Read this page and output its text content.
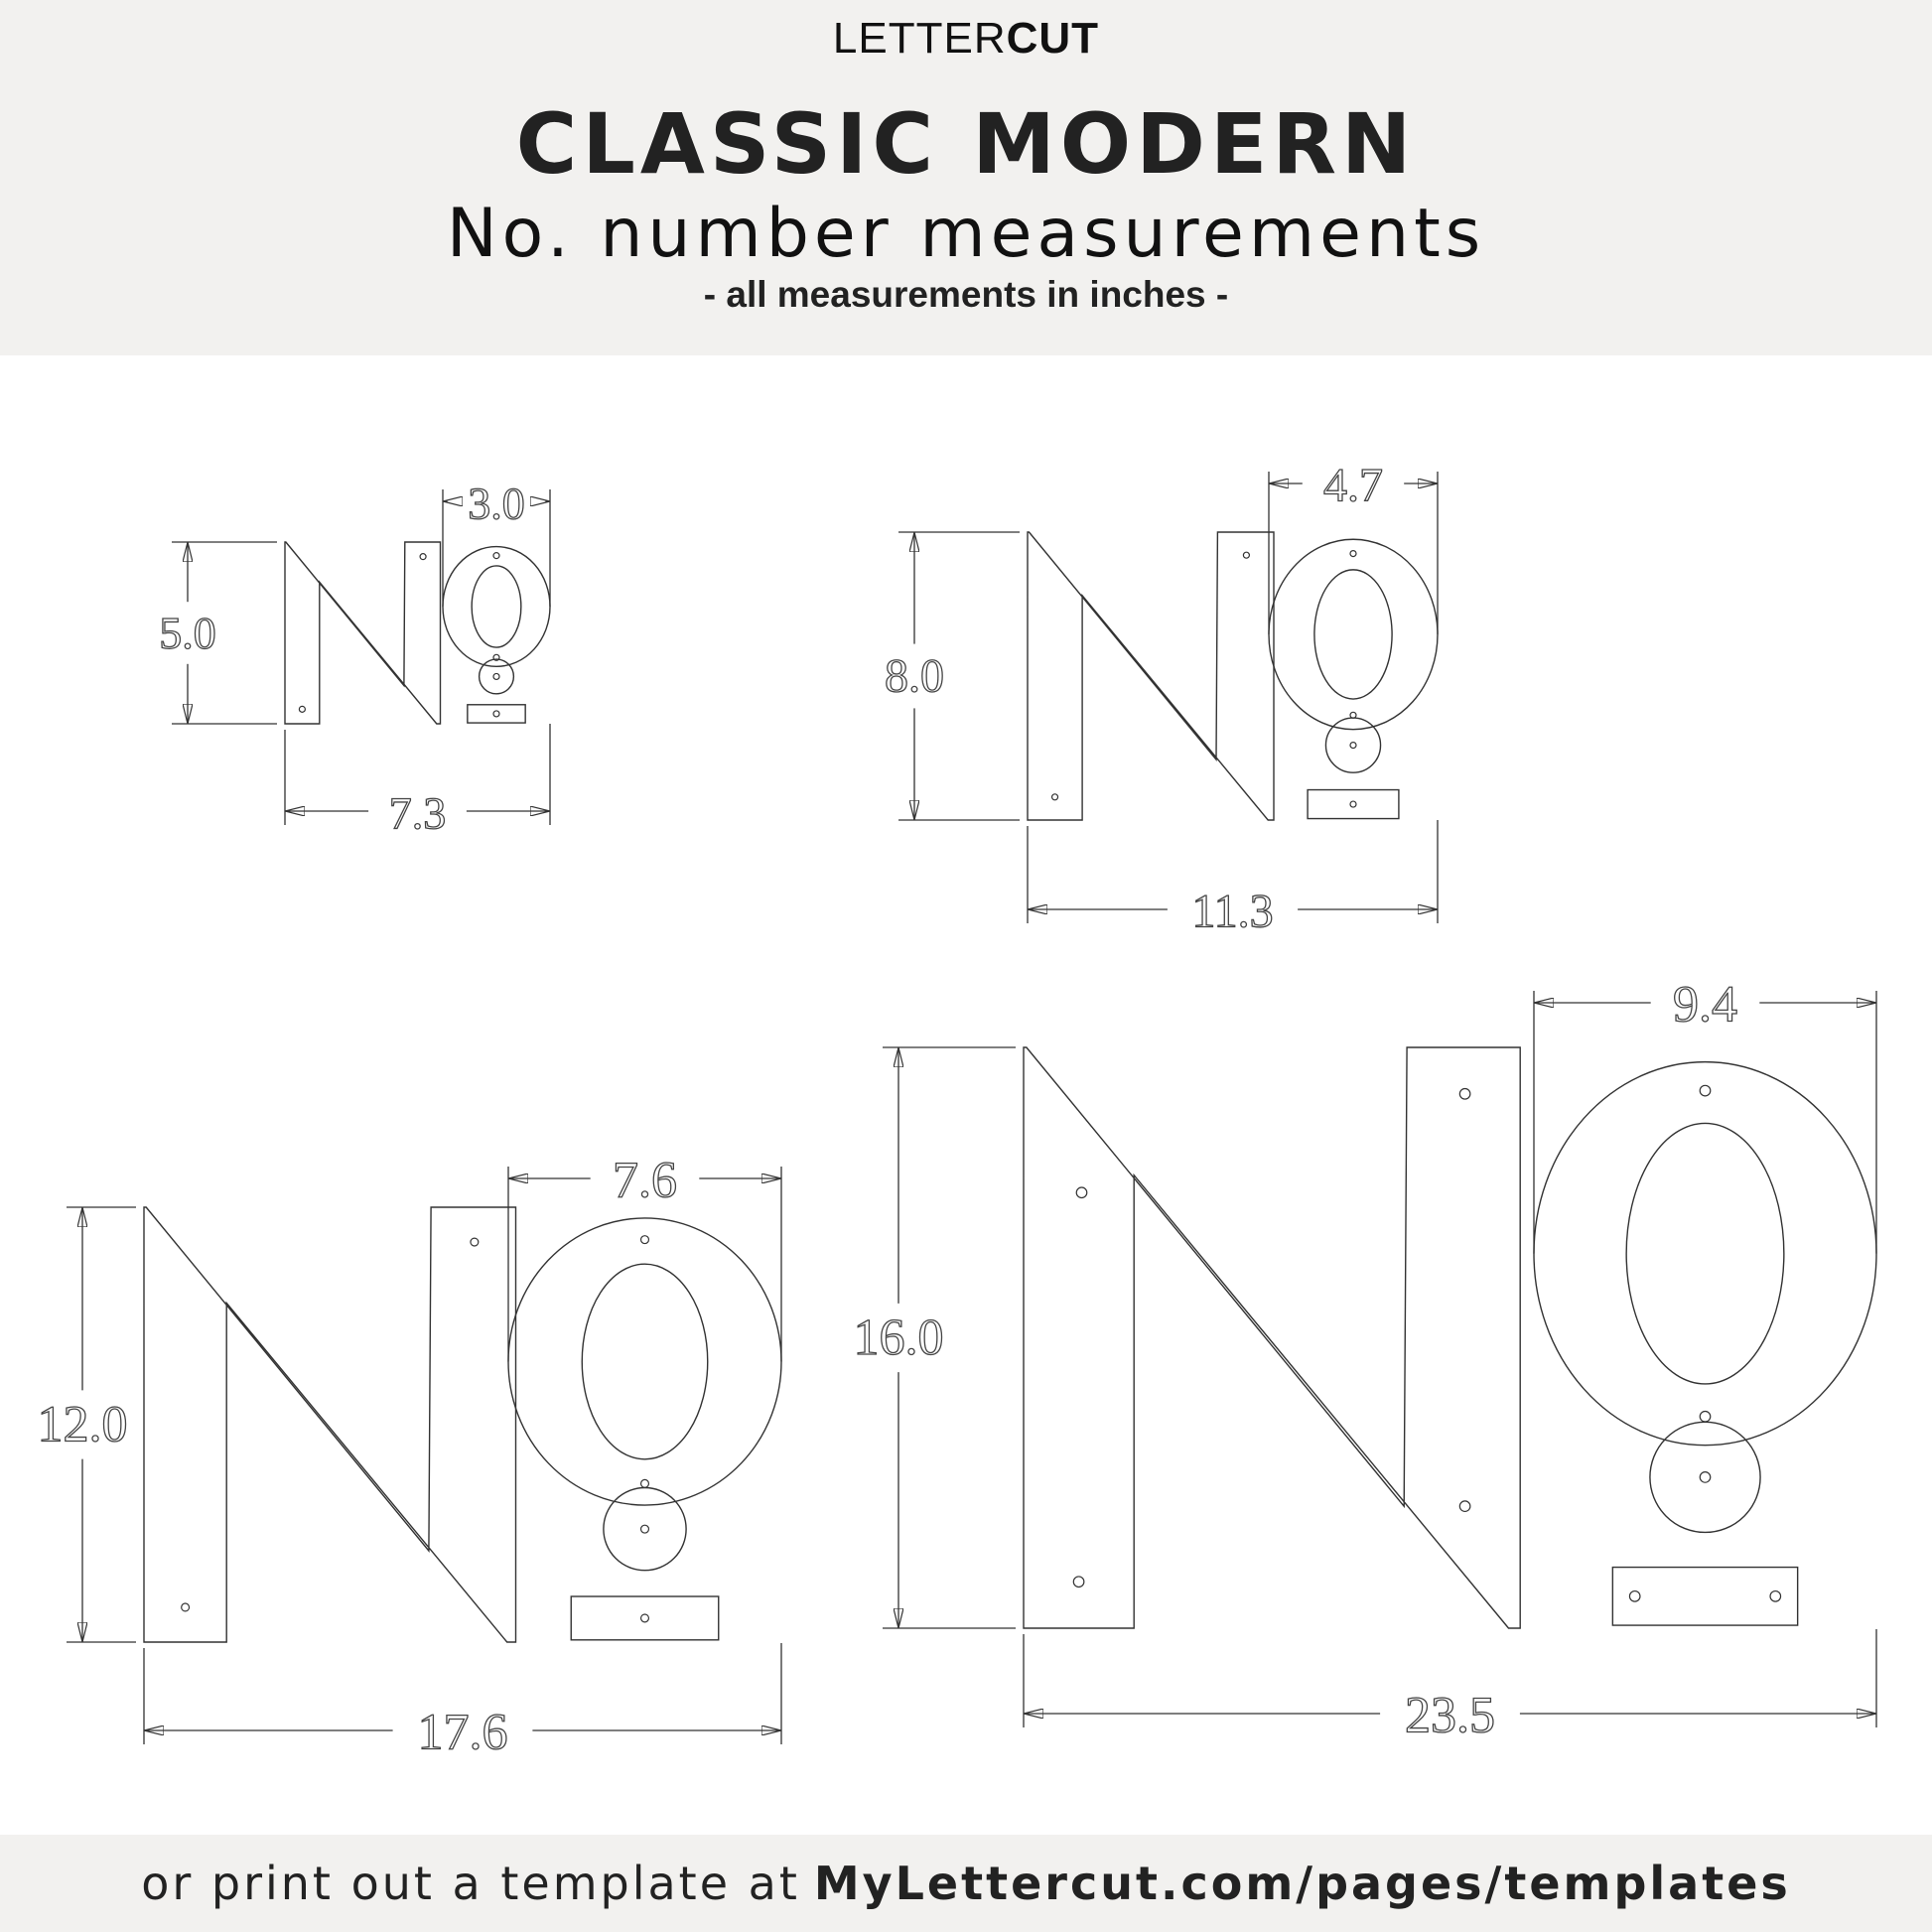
LETTERCUT
CLASSIC MODERN
No. number measurements
- all measurements in inches -
5.0
7.3
3.0
8.0
11.3
4.7
12.0
17.6
7.6
16.0
23.5
9.4
or print out a template at MyLettercut.com/pages/templates
